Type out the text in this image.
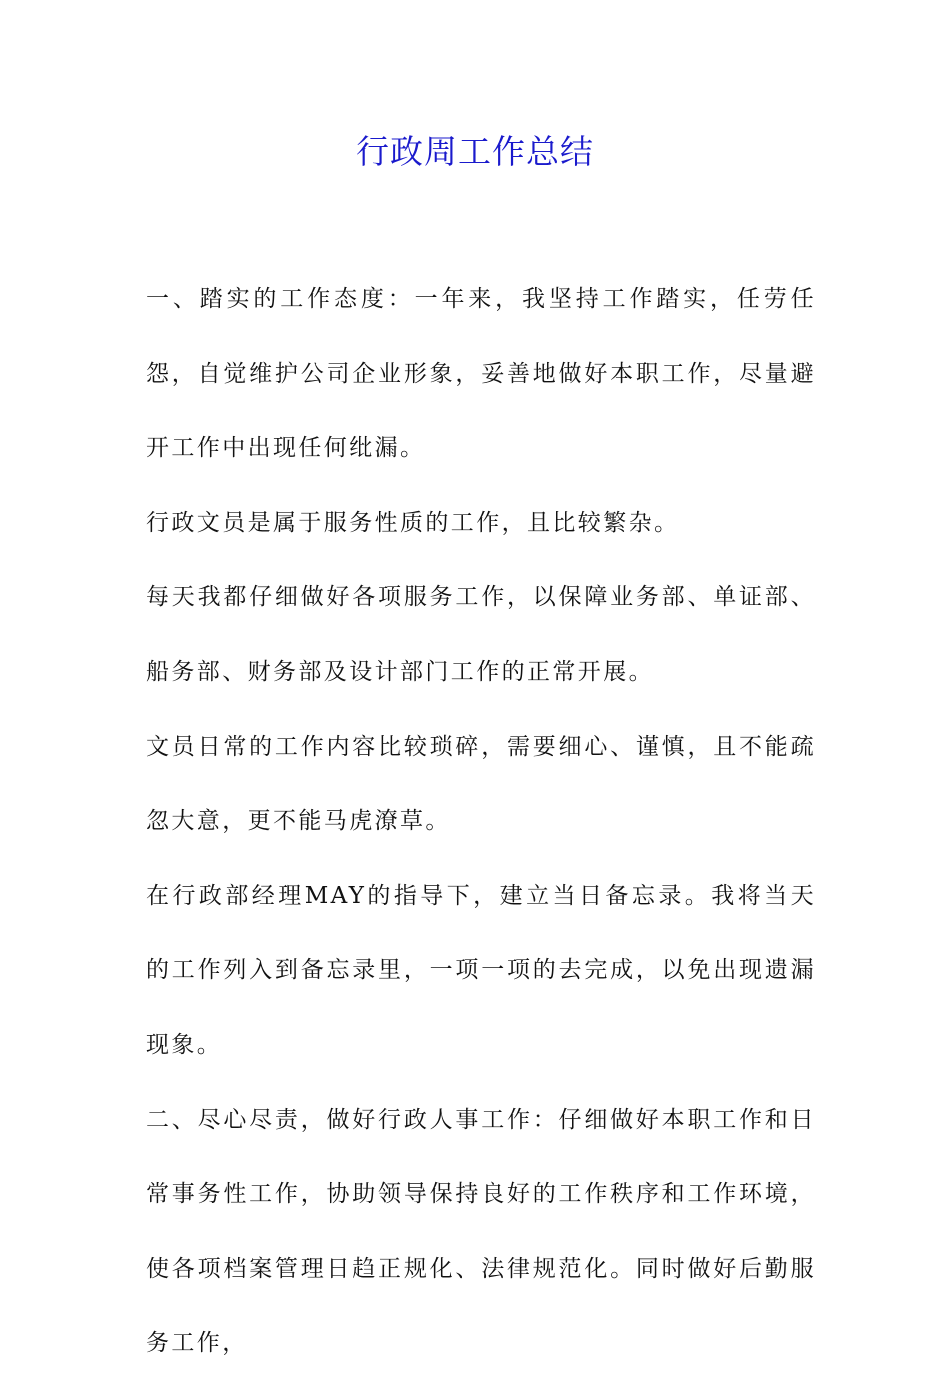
行政周工作总结

一、踏实的工作态度：一年来，我坚持工作踏实，任劳任怨，自觉维护公司企业形象，妥善地做好本职工作，尽量避开工作中出现任何纰漏。

行政文员是属于服务性质的工作，且比较繁杂。

每天我都仔细做好各项服务工作，以保障业务部、单证部、船务部、财务部及设计部门工作的正常开展。

文员日常的工作内容比较琐碎，需要细心、谨慎，且不能疏忽大意，更不能马虎潦草。

在行政部经理MAY的指导下，建立当日备忘录。我将当天的工作列入到备忘录里，一项一项的去完成，以免出现遗漏现象。

二、尽心尽责，做好行政人事工作：仔细做好本职工作和日常事务性工作，协助领导保持良好的工作秩序和工作环境，使各项档案管理日趋正规化、法律规范化。同时做好后勤服务工作，
